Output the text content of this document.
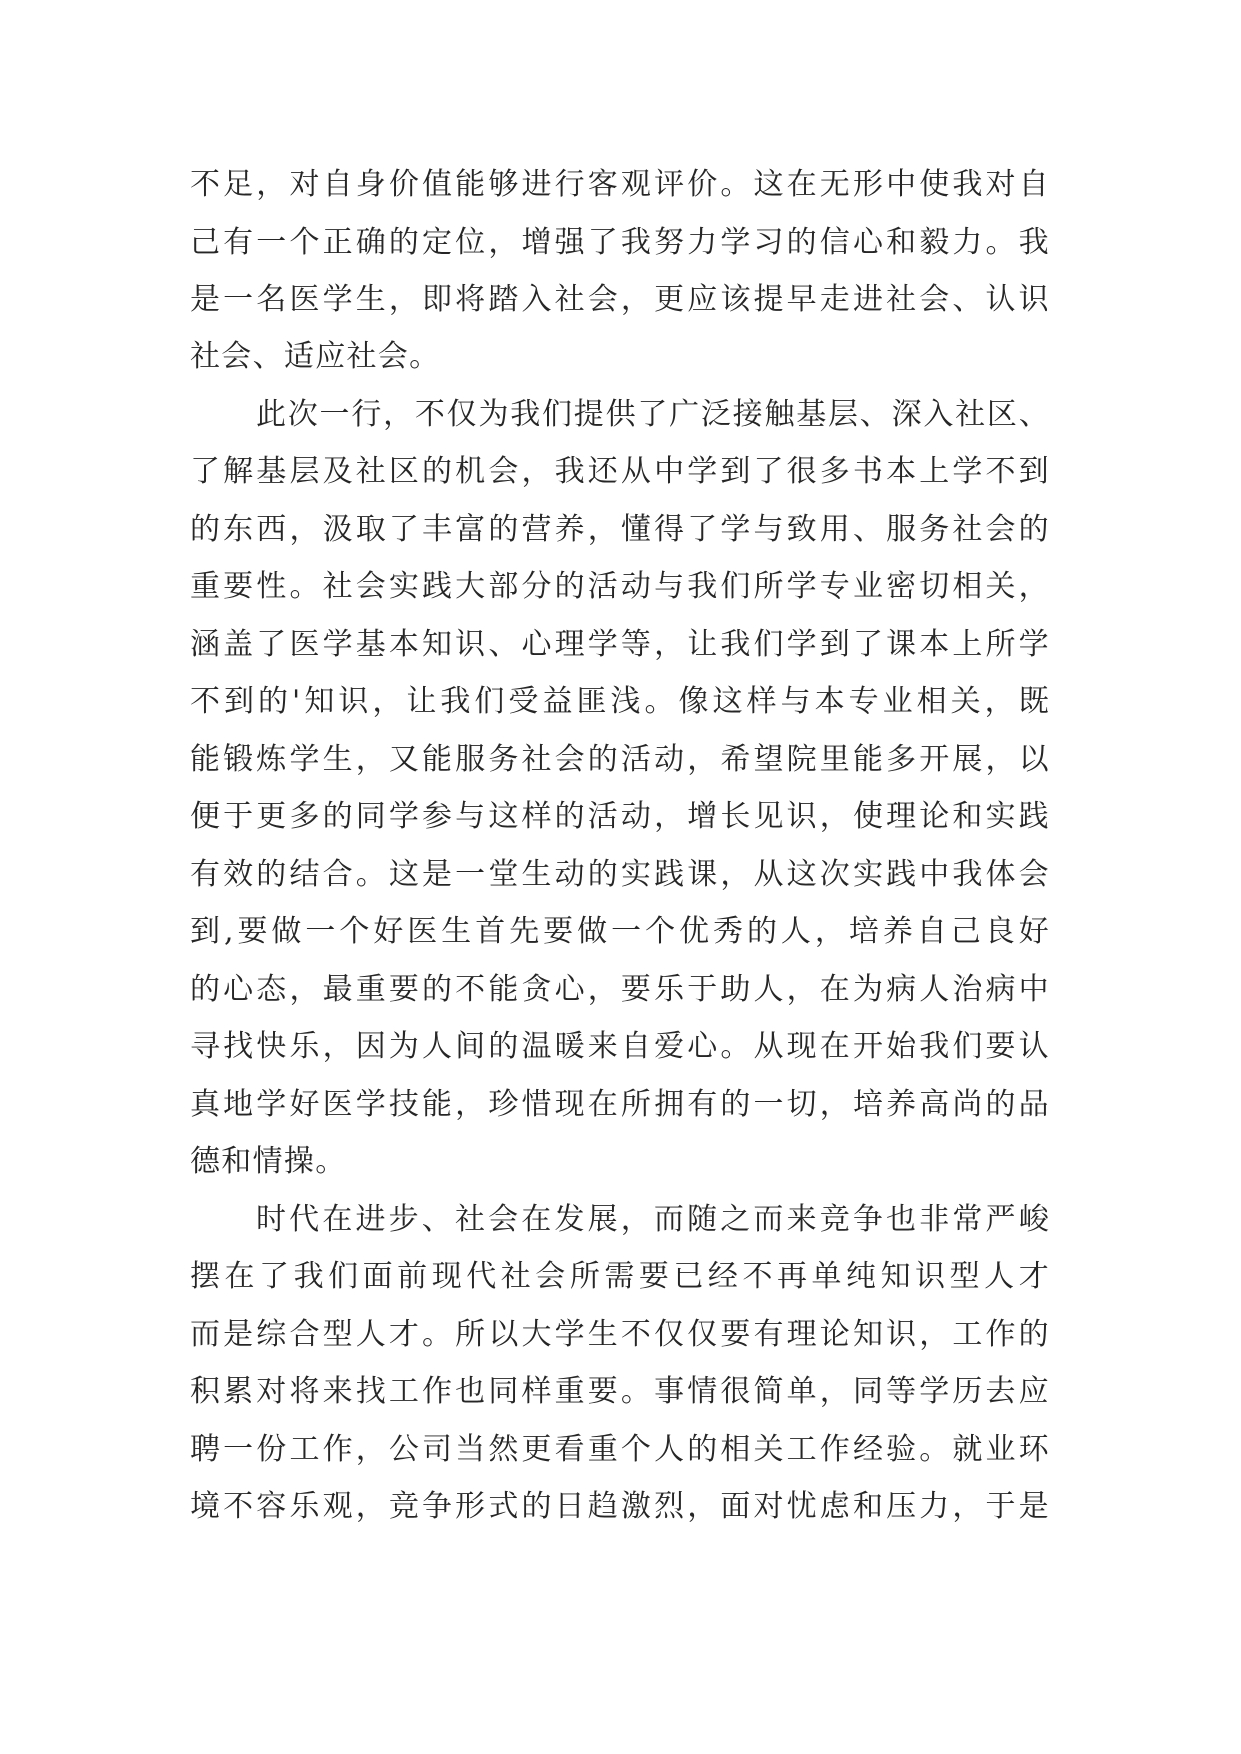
不足，对自身价值能够进行客观评价。这在无形中使我对自

己有一个正确的定位，增强了我努力学习的信心和毅力。我

是一名医学生，即将踏入社会，更应该提早走进社会、认识

社会、适应社会。

此次一行，不仅为我们提供了广泛接触基层、深入社区、

了解基层及社区的机会，我还从中学到了很多书本上学不到

的东西，汲取了丰富的营养，懂得了学与致用、服务社会的

重要性。社会实践大部分的活动与我们所学专业密切相关，

涵盖了医学基本知识、心理学等，让我们学到了课本上所学

不到的'知识，让我们受益匪浅。像这样与本专业相关，既

能锻炼学生，又能服务社会的活动，希望院里能多开展，以

便于更多的同学参与这样的活动，增长见识，使理论和实践

有效的结合。这是一堂生动的实践课，从这次实践中我体会

到,要做一个好医生首先要做一个优秀的人，培养自己良好

的心态，最重要的不能贪心，要乐于助人，在为病人治病中

寻找快乐，因为人间的温暖来自爱心。从现在开始我们要认

真地学好医学技能，珍惜现在所拥有的一切，培养高尚的品

德和情操。

时代在进步、社会在发展，而随之而来竞争也非常严峻

摆在了我们面前现代社会所需要已经不再单纯知识型人才

而是综合型人才。所以大学生不仅仅要有理论知识，工作的

积累对将来找工作也同样重要。事情很简单，同等学历去应

聘一份工作，公司当然更看重个人的相关工作经验。就业环

境不容乐观，竞争形式的日趋激烈，面对忧虑和压力，于是
